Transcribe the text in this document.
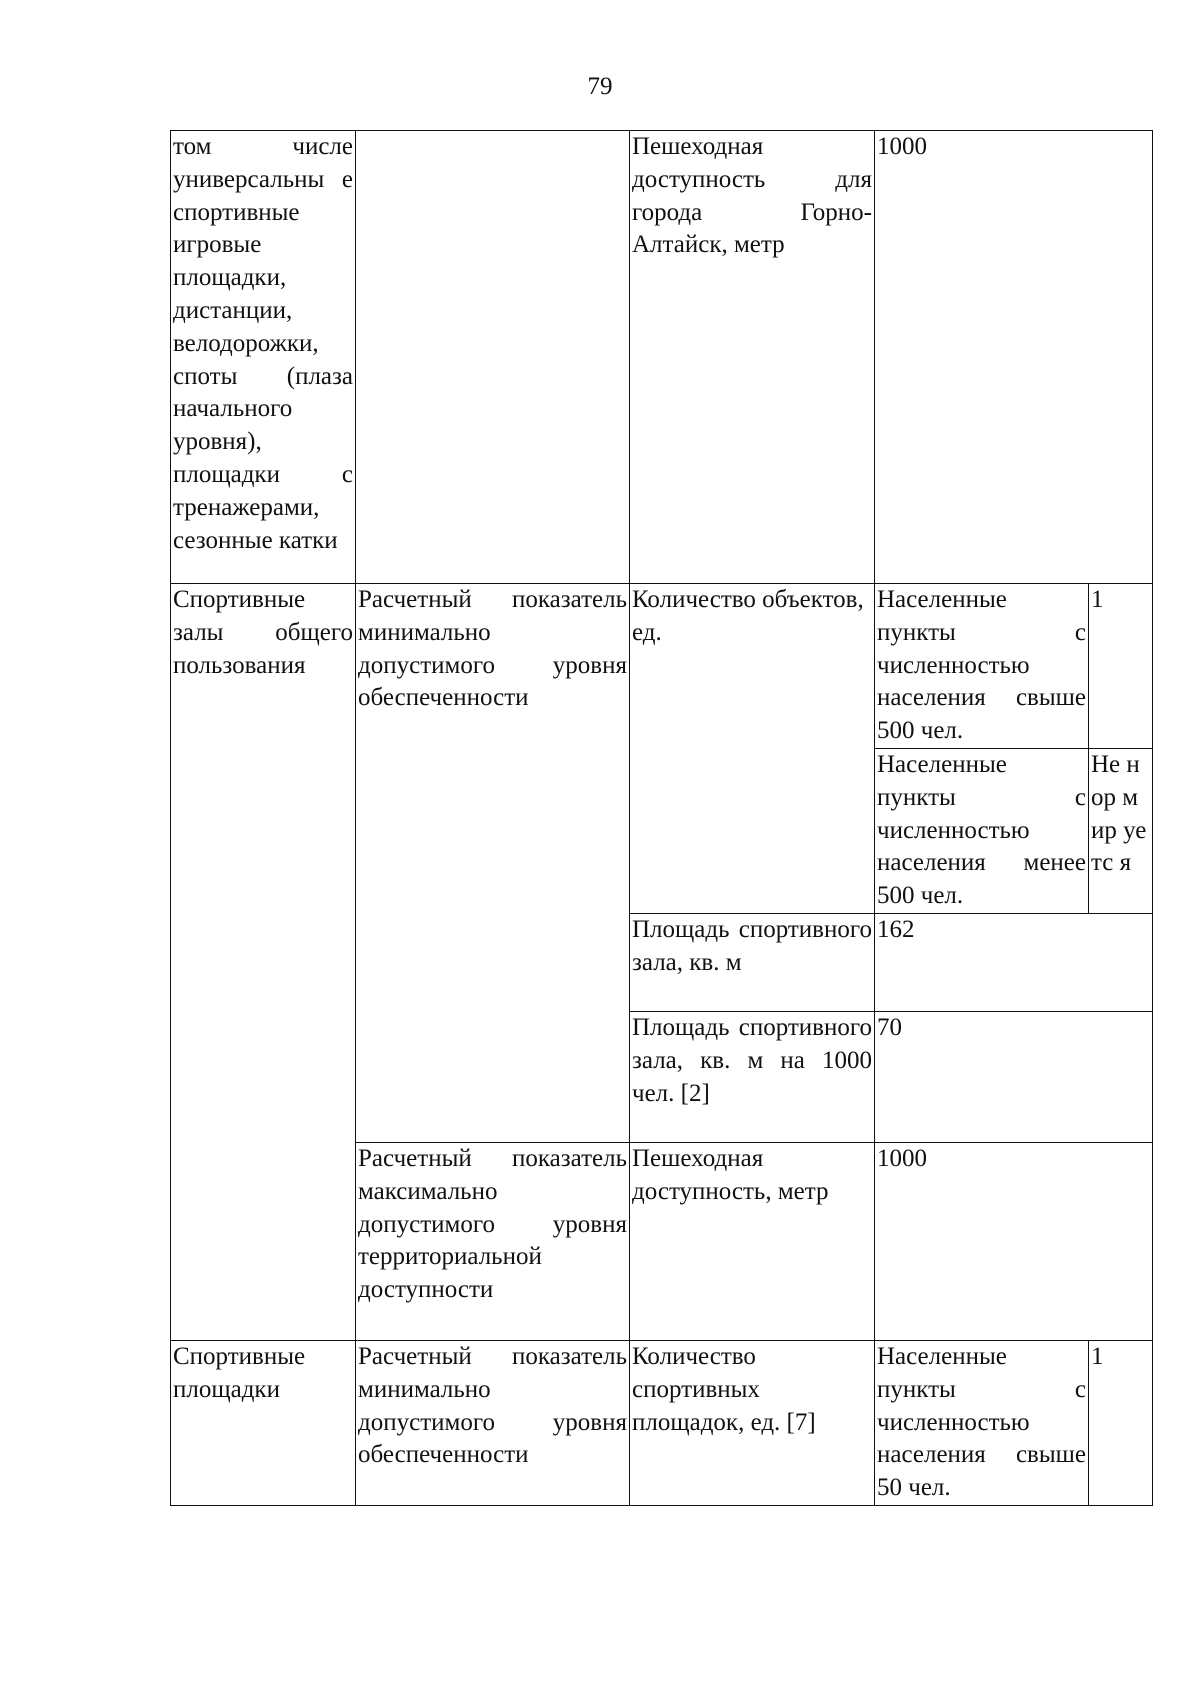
79
том числе универсальны е спортивные игровые площадки, дистанции, велодорожки, споты (плаза начального уровня), площадки с тренажерами, сезонные катки		Пешеходная доступность для города Горно-Алтайск, метр	1000	

Спортивные залы общего пользования	Расчетный показатель минимально допустимого уровня обеспеченности	Количество объектов, ед.	Населенные пункты с численностью населения свыше 500 чел.	1

			Населенные пункты с численностью населения менее 500 чел.	Не нор мир уетс я

		Площадь спортивного зала, кв. м	162	

		Площадь спортивного зала, кв. м на 1000 чел. [2]	70	

	Расчетный показатель максимально допустимого уровня территориальной доступности	Пешеходная доступность, метр	1000	

Спортивные площадки	Расчетный показатель минимально допустимого уровня обеспеченности	Количество спортивных площадок, ед. [7]	Населенные пункты с численностью населения свыше 50 чел.	1
